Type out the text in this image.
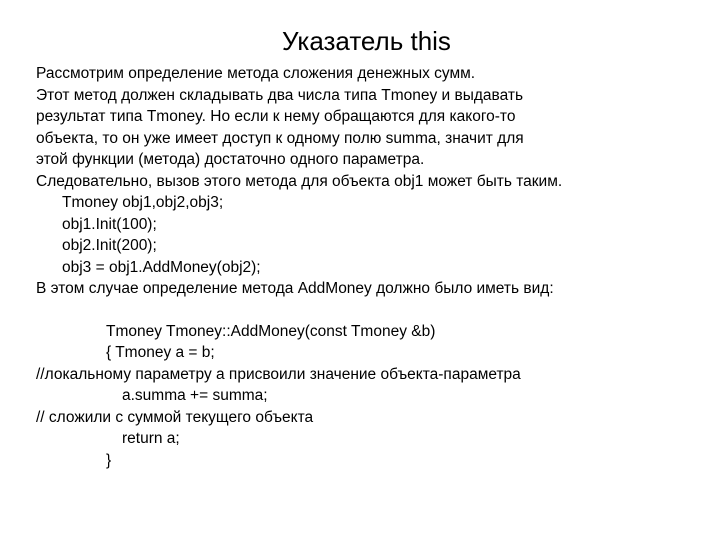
Указатель this
Рассмотрим определение метода сложения денежных сумм.
Этот метод должен складывать два числа типа Tmoney и выдавать
результат типа Tmoney. Но если к нему обращаются для какого-то
объекта, то он уже имеет доступ к одному полю summa, значит для
этой функции (метода) достаточно одного параметра.
Следовательно, вызов этого метода для объекта obj1 может быть таким.
Tmoney obj1,obj2,obj3;
obj1.Init(100);
obj2.Init(200);
obj3 = obj1.AddMoney(obj2);
В этом случае определение метода AddMoney должно было иметь вид:
Tmoney Tmoney::AddMoney(const Tmoney &b)
{ Tmoney a = b;
//локальному параметру a присвоили значение объекта-параметра
a.summa += summa;
// сложили с суммой текущего объекта
return a;
}
